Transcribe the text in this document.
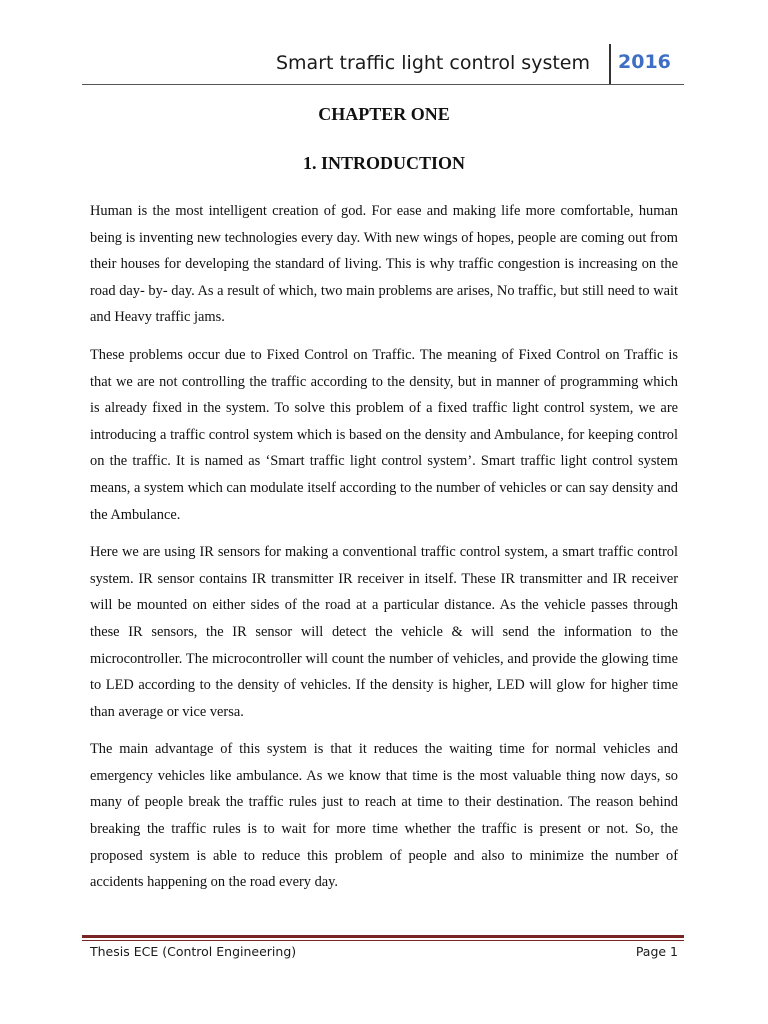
Smart traffic light control system 2016
CHAPTER ONE
1. INTRODUCTION

Human is the most intelligent creation of god. For ease and making life more comfortable, human being is inventing new technologies every day. With new wings of hopes, people are coming out from their houses for developing the standard of living. This is why traffic congestion is increasing on the road day- by- day. As a result of which, two main problems are arises, No traffic, but still need to wait and Heavy traffic jams.

These problems occur due to Fixed Control on Traffic. The meaning of Fixed Control on Traffic is that we are not controlling the traffic according to the density, but in manner of programming which is already fixed in the system. To solve this problem of a fixed traffic light control system, we are introducing a traffic control system which is based on the density and Ambulance, for keeping control on the traffic. It is named as ‘Smart traffic light control system’. Smart traffic light control system means, a system which can modulate itself according to the number of vehicles or can say density and the Ambulance.

Here we are using IR sensors for making a conventional traffic control system, a smart traffic control system. IR sensor contains IR transmitter IR receiver in itself. These IR transmitter and IR receiver will be mounted on either sides of the road at a particular distance. As the vehicle passes through these IR sensors, the IR sensor will detect the vehicle & will send the information to the microcontroller. The microcontroller will count the number of vehicles, and provide the glowing time to LED according to the density of vehicles. If the density is higher, LED will glow for higher time than average or vice versa.

The main advantage of this system is that it reduces the waiting time for normal vehicles and emergency vehicles like ambulance. As we know that time is the most valuable thing now days, so many of people break the traffic rules just to reach at time to their destination. The reason behind breaking the traffic rules is to wait for more time whether the traffic is present or not. So, the proposed system is able to reduce this problem of people and also to minimize the number of accidents happening on the road every day.

Thesis ECE (Control Engineering)	Page 1
